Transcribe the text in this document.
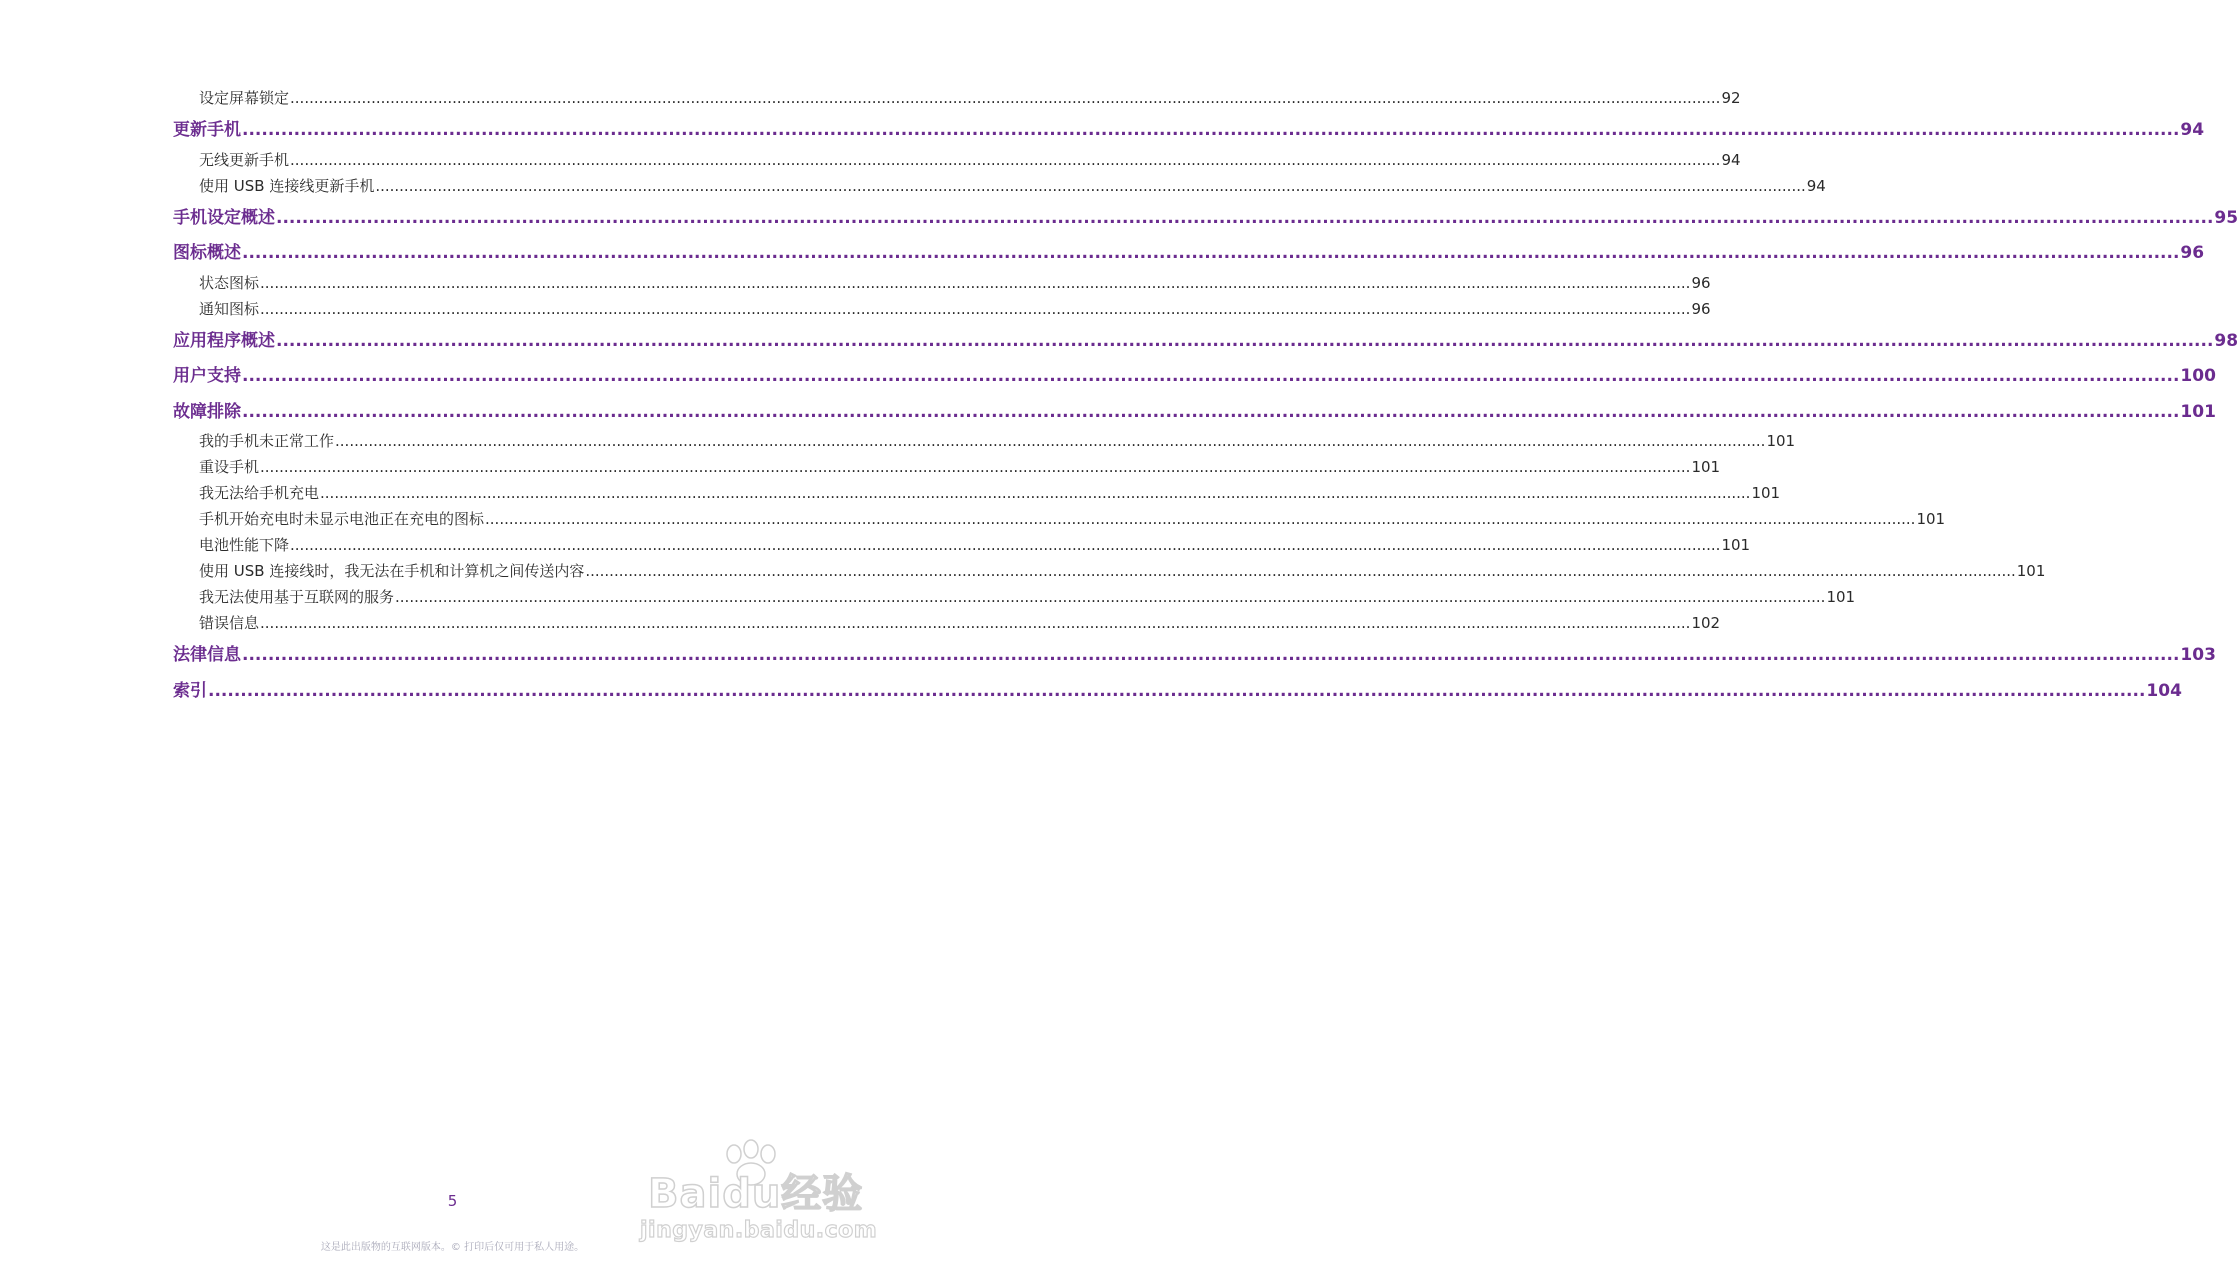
设定屏幕锁定 ............................................................................................................................................................................................................................................................................................................ 92
更新手机 ............................................................................................................................................................................................................................................................................................................ 94
无线更新手机 ............................................................................................................................................................................................................................................................................................................ 94
使用 USB 连接线更新手机 ............................................................................................................................................................................................................................................................................................................ 94
手机设定概述 ............................................................................................................................................................................................................................................................................................................ 95
图标概述 ............................................................................................................................................................................................................................................................................................................ 96
状态图标 ............................................................................................................................................................................................................................................................................................................ 96
通知图标 ............................................................................................................................................................................................................................................................................................................ 96
应用程序概述 ............................................................................................................................................................................................................................................................................................................ 98
用户支持 ............................................................................................................................................................................................................................................................................................................ 100
故障排除 ............................................................................................................................................................................................................................................................................................................ 101
我的手机未正常工作 ............................................................................................................................................................................................................................................................................................................ 101
重设手机 ............................................................................................................................................................................................................................................................................................................ 101
我无法给手机充电 ............................................................................................................................................................................................................................................................................................................ 101
手机开始充电时未显示电池正在充电的图标 ............................................................................................................................................................................................................................................................................................................ 101
电池性能下降 ............................................................................................................................................................................................................................................................................................................ 101
使用 USB 连接线时，我无法在手机和计算机之间传送内容 ............................................................................................................................................................................................................................................................................................................ 101
我无法使用基于互联网的服务 ............................................................................................................................................................................................................................................................................................................ 101
错误信息 ............................................................................................................................................................................................................................................................................................................ 102
法律信息 ............................................................................................................................................................................................................................................................................................................ 103
索引 ............................................................................................................................................................................................................................................................................................................ 104
5
这是此出版物的互联网版本。© 打印后仅可用于私人用途。
Baidu经验
jingyan.baidu.com
